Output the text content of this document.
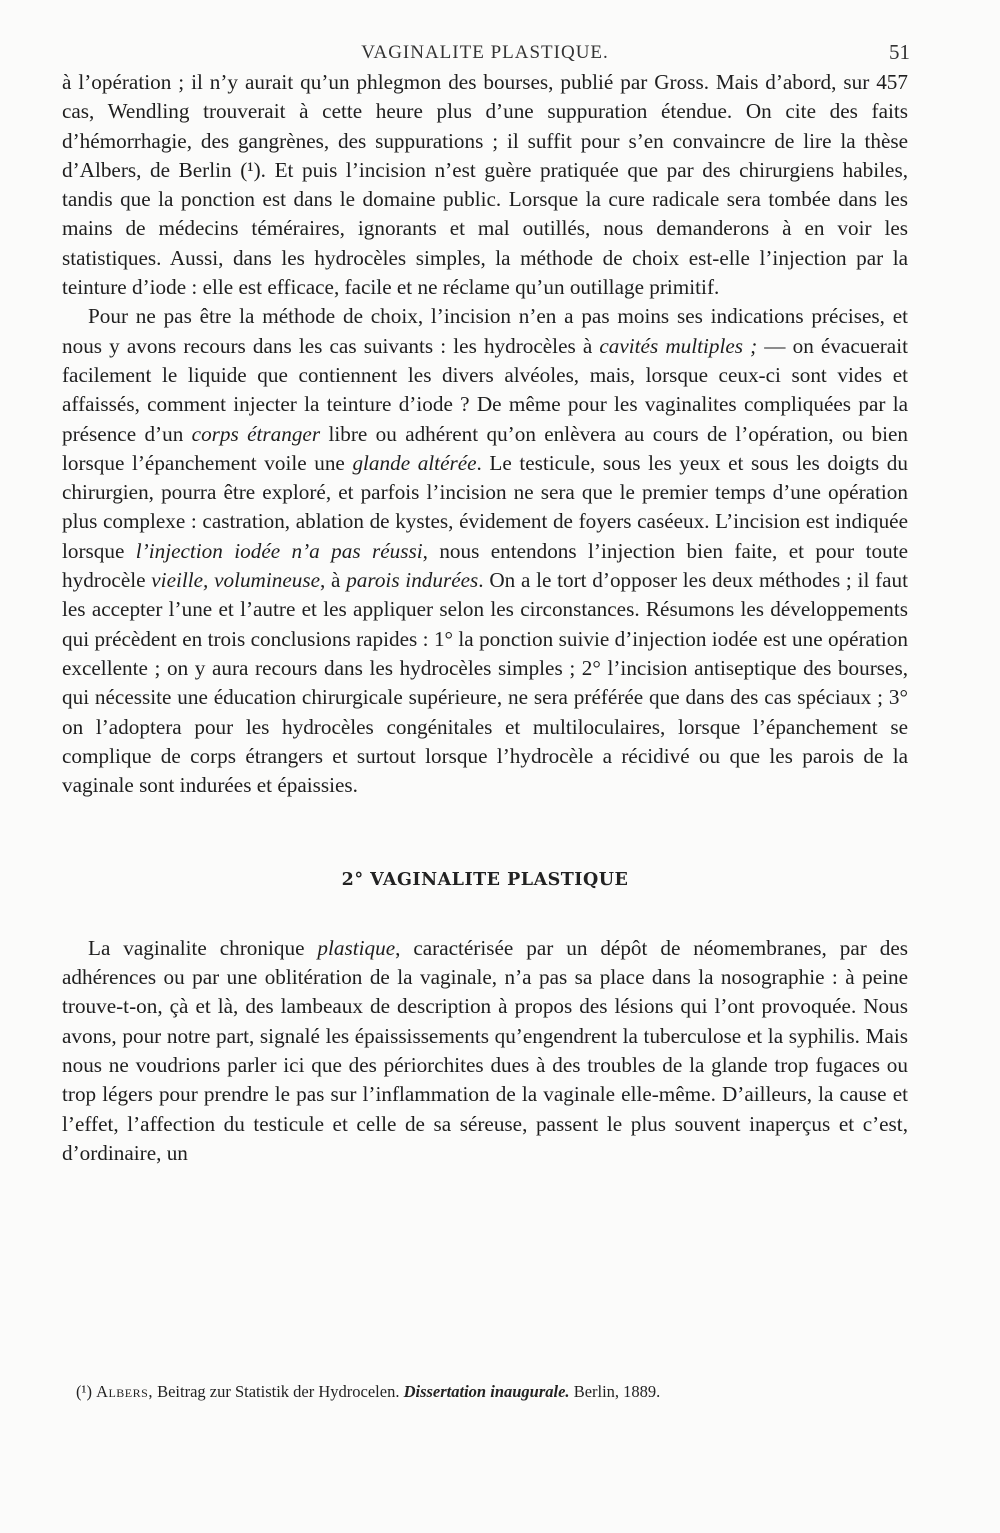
VAGINALITE PLASTIQUE.	51

à l’opération ; il n’y aurait qu’un phlegmon des bourses, publié par Gross. Mais d’abord, sur 457 cas, Wendling trouverait à cette heure plus d’une suppuration étendue. On cite des faits d’hémorrhagie, des gangrènes, des suppurations ; il suffit pour s’en convaincre de lire la thèse d’Albers, de Berlin (¹). Et puis l’incision n’est guère pratiquée que par des chirurgiens habiles, tandis que la ponction est dans le domaine public. Lorsque la cure radicale sera tombée dans les mains de médecins téméraires, ignorants et mal outillés, nous demanderons à en voir les statistiques. Aussi, dans les hydrocèles simples, la méthode de choix est-elle l’injection par la teinture d’iode : elle est efficace, facile et ne réclame qu’un outillage primitif.

Pour ne pas être la méthode de choix, l’incision n’en a pas moins ses indications précises, et nous y avons recours dans les cas suivants : les hydrocèles à cavités multiples ; — on évacuerait facilement le liquide que contiennent les divers alvéoles, mais, lorsque ceux-ci sont vides et affaissés, comment injecter la teinture d’iode ? De même pour les vaginalites compliquées par la présence d’un corps étranger libre ou adhérent qu’on enlèvera au cours de l’opération, ou bien lorsque l’épanchement voile une glande altérée. Le testicule, sous les yeux et sous les doigts du chirurgien, pourra être exploré, et parfois l’incision ne sera que le premier temps d’une opération plus complexe : castration, ablation de kystes, évidement de foyers caséeux. L’incision est indiquée lorsque l’injection iodée n’a pas réussi, nous entendons l’injection bien faite, et pour toute hydrocèle vieille, volumineuse, à parois indurées. On a le tort d’opposer les deux méthodes ; il faut les accepter l’une et l’autre et les appliquer selon les circonstances. Résumons les développements qui précèdent en trois conclusions rapides : 1° la ponction suivie d’injection iodée est une opération excellente ; on y aura recours dans les hydrocèles simples ; 2° l’incision antiseptique des bourses, qui nécessite une éducation chirurgicale supérieure, ne sera préférée que dans des cas spéciaux ; 3° on l’adoptera pour les hydrocèles congénitales et multiloculaires, lorsque l’épanchement se complique de corps étrangers et surtout lorsque l’hydrocèle a récidivé ou que les parois de la vaginale sont indurées et épaissies.

2° VAGINALITE PLASTIQUE

La vaginalite chronique plastique, caractérisée par un dépôt de néomembranes, par des adhérences ou par une oblitération de la vaginale, n’a pas sa place dans la nosographie : à peine trouve-t-on, çà et là, des lambeaux de description à propos des lésions qui l’ont provoquée. Nous avons, pour notre part, signalé les épaississements qu’engendrent la tuberculose et la syphilis. Mais nous ne voudrions parler ici que des périorchites dues à des troubles de la glande trop fugaces ou trop légers pour prendre le pas sur l’inflammation de la vaginale elle-même. D’ailleurs, la cause et l’effet, l’affection du testicule et celle de sa séreuse, passent le plus souvent inaperçus et c’est, d’ordinaire, un

(¹) Albers, Beitrag zur Statistik der Hydrocelen. Dissertation inaugurale. Berlin, 1889.
